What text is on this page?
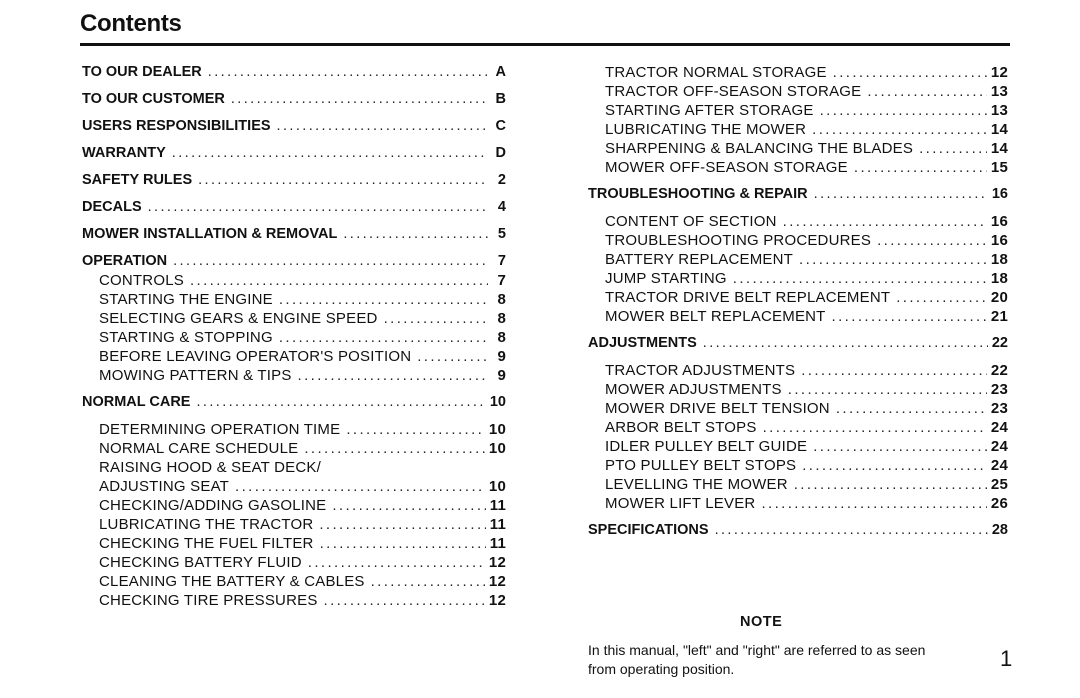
Contents
TO OUR DEALER .....	A
TO OUR CUSTOMER .....	B
USERS RESPONSIBILITIES .....	C
WARRANTY .....	D
SAFETY RULES .....	2
DECALS .....	4
MOWER INSTALLATION & REMOVAL .....	5
OPERATION .....	7
CONTROLS .....	7
STARTING THE ENGINE .....	8
SELECTING GEARS & ENGINE SPEED .....	8
STARTING & STOPPING .....	8
BEFORE LEAVING OPERATOR'S POSITION .....	9
MOWING PATTERN & TIPS .....	9
NORMAL CARE .....	10
DETERMINING OPERATION TIME .....	10
NORMAL CARE SCHEDULE .....	10
RAISING HOOD & SEAT DECK/
ADJUSTING SEAT .....	10
CHECKING/ADDING GASOLINE .....	11
LUBRICATING THE TRACTOR .....	11
CHECKING THE FUEL FILTER .....	11
CHECKING BATTERY FLUID .....	12
CLEANING THE BATTERY & CABLES .....	12
CHECKING TIRE PRESSURES .....	12
TRACTOR NORMAL STORAGE .....	12
TRACTOR OFF-SEASON STORAGE .....	13
STARTING AFTER STORAGE .....	13
LUBRICATING THE MOWER .....	14
SHARPENING & BALANCING THE BLADES .....	14
MOWER OFF-SEASON STORAGE .....	15
TROUBLESHOOTING & REPAIR .....	16
CONTENT OF SECTION .....	16
TROUBLESHOOTING PROCEDURES .....	16
BATTERY REPLACEMENT .....	18
JUMP STARTING .....	18
TRACTOR DRIVE BELT REPLACEMENT .....	20
MOWER BELT REPLACEMENT .....	21
ADJUSTMENTS .....	22
TRACTOR ADJUSTMENTS .....	22
MOWER ADJUSTMENTS .....	23
MOWER DRIVE BELT TENSION .....	23
ARBOR BELT STOPS .....	24
IDLER PULLEY BELT GUIDE .....	24
PTO PULLEY BELT STOPS .....	24
LEVELLING THE MOWER .....	25
MOWER LIFT LEVER .....	26
SPECIFICATIONS .....	28
NOTE
In this manual, "left" and "right" are referred to as seen from operating position.	1
